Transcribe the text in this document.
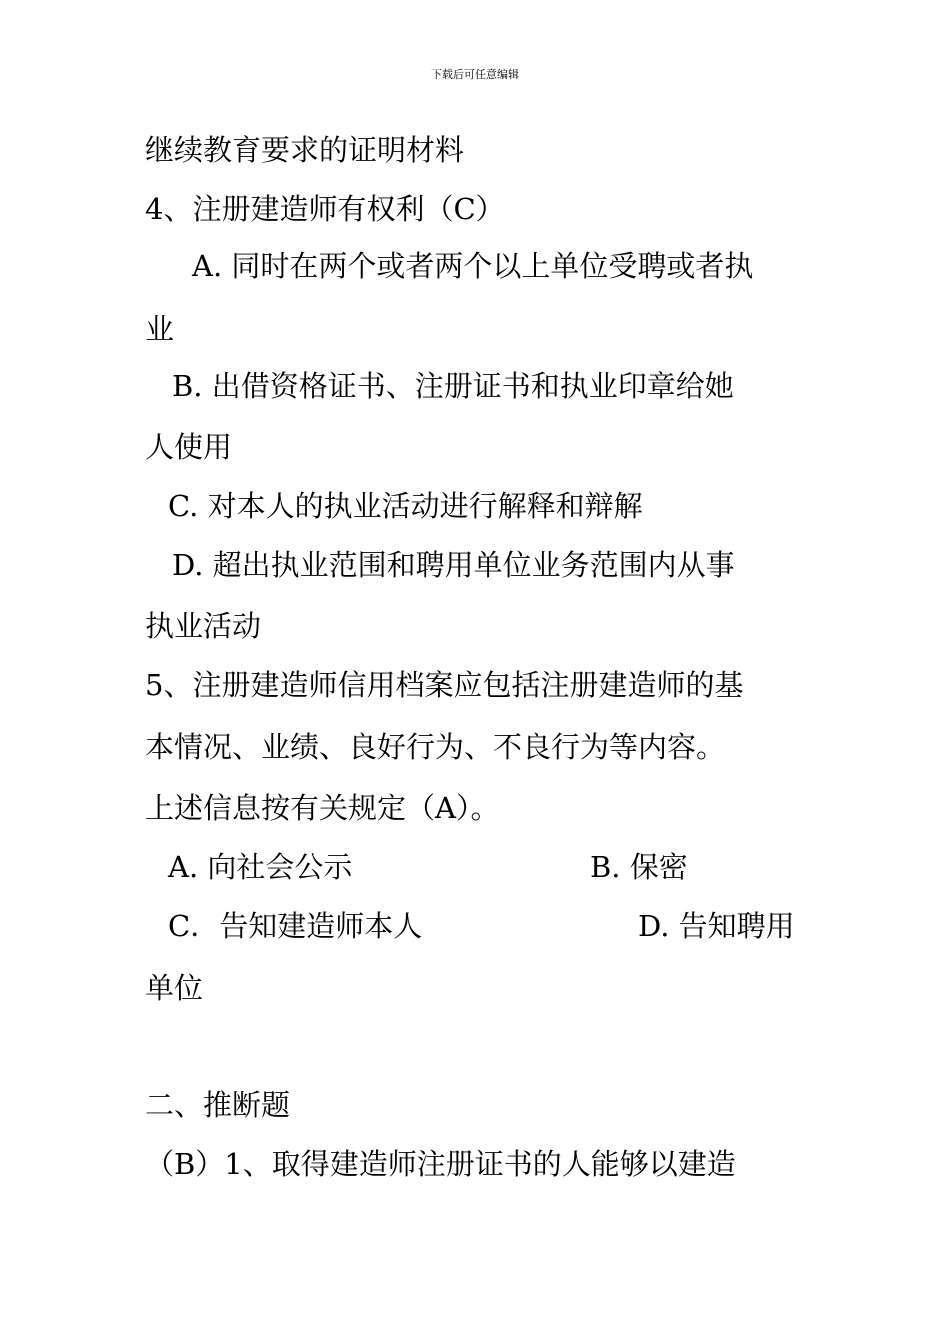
下载后可任意编辑
继续教育要求的证明材料
4、注册建造师有权利（C）
A. 同时在两个或者两个以上单位受聘或者执
业
B. 出借资格证书、注册证书和执业印章给她
人使用
C. 对本人的执业活动进行解释和辩解
D. 超出执业范围和聘用单位业务范围内从事
执业活动
5、注册建造师信用档案应包括注册建造师的基
本情况、业绩、良好行为、不良行为等内容。
上述信息按有关规定（A）。
A. 向社会公示	B. 保密
C．告知建造师本人	D. 告知聘用
单位
二、推断题
（B）1、取得建造师注册证书的人能够以建造
